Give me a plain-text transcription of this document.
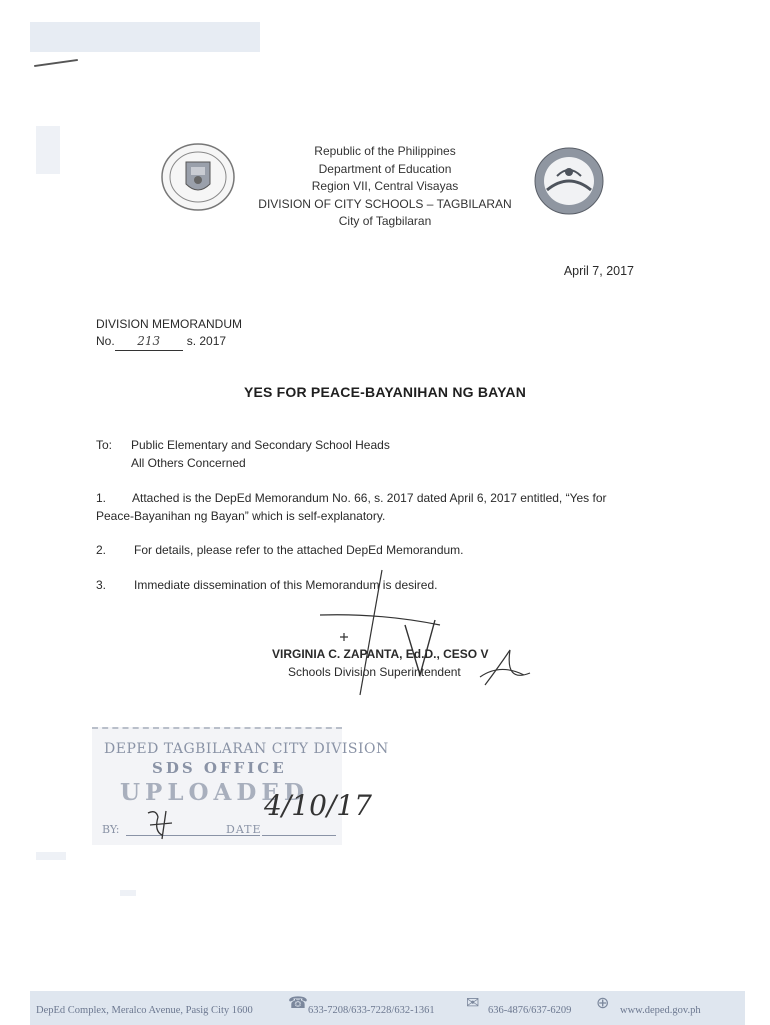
Republic of the Philippines
Department of Education
Region VII, Central Visayas
DIVISION OF CITY SCHOOLS – TAGBILARAN
City of Tagbilaran
April 7, 2017
DIVISION MEMORANDUM
No. 213 s. 2017
YES FOR PEACE-BAYANIHAN NG BAYAN
To: Public Elementary and Secondary School Heads
All Others Concerned
1. Attached is the DepEd Memorandum No. 66, s. 2017 dated April 6, 2017 entitled, “Yes for
Peace-Bayanihan ng Bayan” which is self-explanatory.
2. For details, please refer to the attached DepEd Memorandum.
3. Immediate dissemination of this Memorandum is desired.
VIRGINIA C. ZAPANTA, Ed.D., CESO V
Schools Division Superintendent
DEPED TAGBILARAN CITY DIVISION
SDS OFFICE
UPLOADED
BY:	DATE
4/10/17
DepEd Complex, Meralco Avenue, Pasig City 1600 ☎ 633-7208/633-7228/632-1361 ✉ 636-4876/637-6209 ⊕ www.deped.gov.ph
